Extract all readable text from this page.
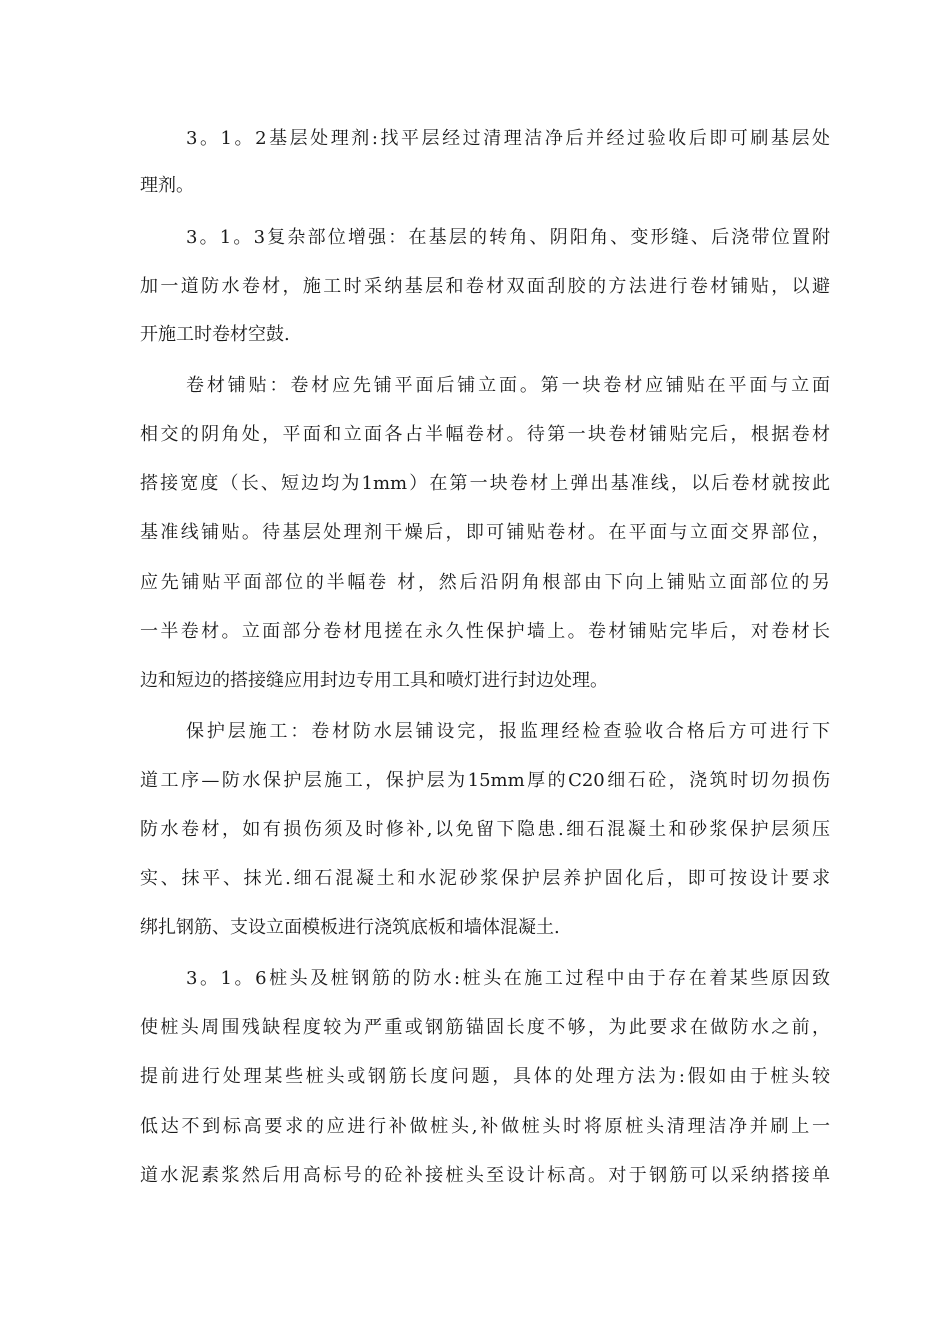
3。1。2基层处理剂:找平层经过清理洁净后并经过验收后即可刷基层处
理剂。
3。1。3复杂部位增强：在基层的转角、阴阳角、变形缝、后浇带位置附
加一道防水卷材，施工时采纳基层和卷材双面刮胶的方法进行卷材铺贴，以避
开施工时卷材空鼓.
卷材铺贴：卷材应先铺平面后铺立面。第一块卷材应铺贴在平面与立面
相交的阴角处，平面和立面各占半幅卷材。待第一块卷材铺贴完后，根据卷材
搭接宽度（长、短边均为1mm）在第一块卷材上弹出基准线，以后卷材就按此
基准线铺贴。待基层处理剂干燥后，即可铺贴卷材。在平面与立面交界部位，
应先铺贴平面部位的半幅卷 材，然后沿阴角根部由下向上铺贴立面部位的另
一半卷材。立面部分卷材甩搓在永久性保护墙上。卷材铺贴完毕后，对卷材长
边和短边的搭接缝应用封边专用工具和喷灯进行封边处理。
保护层施工：卷材防水层铺设完，报监理经检查验收合格后方可进行下
道工序—防水保护层施工，保护层为15mm厚的C20细石砼，浇筑时切勿损伤
防水卷材，如有损伤须及时修补,以免留下隐患.细石混凝土和砂浆保护层须压
实、抹平、抹光.细石混凝土和水泥砂浆保护层养护固化后，即可按设计要求
绑扎钢筋、支设立面模板进行浇筑底板和墙体混凝土.
3。1。6桩头及桩钢筋的防水:桩头在施工过程中由于存在着某些原因致
使桩头周围残缺程度较为严重或钢筋锚固长度不够，为此要求在做防水之前，
提前进行处理某些桩头或钢筋长度问题，具体的处理方法为:假如由于桩头较
低达不到标高要求的应进行补做桩头,补做桩头时将原桩头清理洁净并刷上一
道水泥素浆然后用高标号的砼补接桩头至设计标高。对于钢筋可以采纳搭接单
